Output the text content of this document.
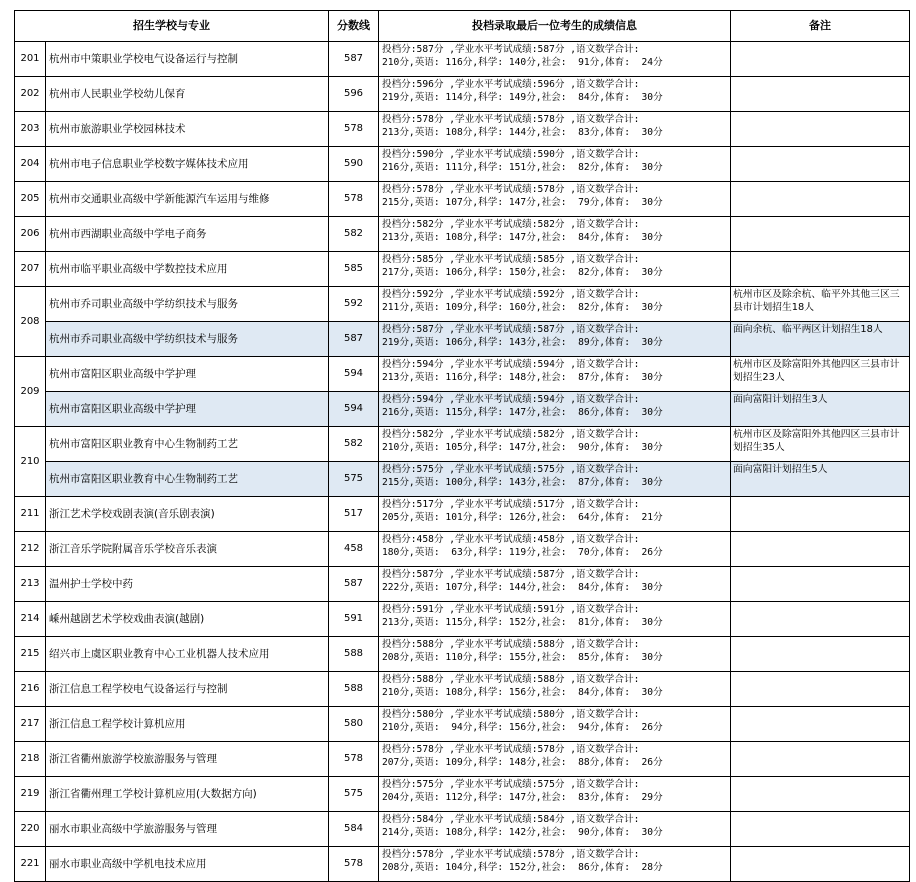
招生学校与专业		分数线	投档录取最后一位考生的成绩信息	备注
201	杭州市中策职业学校电气设备运行与控制	587	投档分:587分 ,学业水平考试成绩:587分 ,语文数学合计:
210分,英语: 116分,科学: 140分,社会:  91分,体育:  24分	

202	杭州市人民职业学校幼儿保育	596	投档分:596分 ,学业水平考试成绩:596分 ,语文数学合计:
219分,英语: 114分,科学: 149分,社会:  84分,体育:  30分	

203	杭州市旅游职业学校园林技术	578	投档分:578分 ,学业水平考试成绩:578分 ,语文数学合计:
213分,英语: 108分,科学: 144分,社会:  83分,体育:  30分	

204	杭州市电子信息职业学校数字媒体技术应用	590	投档分:590分 ,学业水平考试成绩:590分 ,语文数学合计:
216分,英语: 111分,科学: 151分,社会:  82分,体育:  30分	

205	杭州市交通职业高级中学新能源汽车运用与维修	578	投档分:578分 ,学业水平考试成绩:578分 ,语文数学合计:
215分,英语: 107分,科学: 147分,社会:  79分,体育:  30分	

206	杭州市西湖职业高级中学电子商务	582	投档分:582分 ,学业水平考试成绩:582分 ,语文数学合计:
213分,英语: 108分,科学: 147分,社会:  84分,体育:  30分	

207	杭州市临平职业高级中学数控技术应用	585	投档分:585分 ,学业水平考试成绩:585分 ,语文数学合计:
217分,英语: 106分,科学: 150分,社会:  82分,体育:  30分	

208	杭州市乔司职业高级中学纺织技术与服务	592	投档分:592分 ,学业水平考试成绩:592分 ,语文数学合计:
211分,英语: 109分,科学: 160分,社会:  82分,体育:  30分	杭州市区及除余杭、临平外其他三区三县市计划招生18人
	杭州市乔司职业高级中学纺织技术与服务	587	投档分:587分 ,学业水平考试成绩:587分 ,语文数学合计:
219分,英语: 106分,科学: 143分,社会:  89分,体育:  30分	面向余杭、临平两区计划招生18人
209	杭州市富阳区职业高级中学护理	594	投档分:594分 ,学业水平考试成绩:594分 ,语文数学合计:
213分,英语: 116分,科学: 148分,社会:  87分,体育:  30分	杭州市区及除富阳外其他四区三县市计划招生23人
	杭州市富阳区职业高级中学护理	594	投档分:594分 ,学业水平考试成绩:594分 ,语文数学合计:
216分,英语: 115分,科学: 147分,社会:  86分,体育:  30分	面向富阳计划招生3人
210	杭州市富阳区职业教育中心生物制药工艺	582	投档分:582分 ,学业水平考试成绩:582分 ,语文数学合计:
210分,英语: 105分,科学: 147分,社会:  90分,体育:  30分	杭州市区及除富阳外其他四区三县市计划招生35人
	杭州市富阳区职业教育中心生物制药工艺	575	投档分:575分 ,学业水平考试成绩:575分 ,语文数学合计:
215分,英语: 100分,科学: 143分,社会:  87分,体育:  30分	面向富阳计划招生5人
211	浙江艺术学校戏剧表演(音乐剧表演)	517	投档分:517分 ,学业水平考试成绩:517分 ,语文数学合计:
205分,英语: 101分,科学: 126分,社会:  64分,体育:  21分	

212	浙江音乐学院附属音乐学校音乐表演	458	投档分:458分 ,学业水平考试成绩:458分 ,语文数学合计:
180分,英语:  63分,科学: 119分,社会:  70分,体育:  26分	

213	温州护士学校中药	587	投档分:587分 ,学业水平考试成绩:587分 ,语文数学合计:
222分,英语: 107分,科学: 144分,社会:  84分,体育:  30分	

214	嵊州越剧艺术学校戏曲表演(越剧)	591	投档分:591分 ,学业水平考试成绩:591分 ,语文数学合计:
213分,英语: 115分,科学: 152分,社会:  81分,体育:  30分	

215	绍兴市上虞区职业教育中心工业机器人技术应用	588	投档分:588分 ,学业水平考试成绩:588分 ,语文数学合计:
208分,英语: 110分,科学: 155分,社会:  85分,体育:  30分	

216	浙江信息工程学校电气设备运行与控制	588	投档分:588分 ,学业水平考试成绩:588分 ,语文数学合计:
210分,英语: 108分,科学: 156分,社会:  84分,体育:  30分	

217	浙江信息工程学校计算机应用	580	投档分:580分 ,学业水平考试成绩:580分 ,语文数学合计:
210分,英语:  94分,科学: 156分,社会:  94分,体育:  26分	

218	浙江省衢州旅游学校旅游服务与管理	578	投档分:578分 ,学业水平考试成绩:578分 ,语文数学合计:
207分,英语: 109分,科学: 148分,社会:  88分,体育:  26分	

219	浙江省衢州理工学校计算机应用(大数据方向)	575	投档分:575分 ,学业水平考试成绩:575分 ,语文数学合计:
204分,英语: 112分,科学: 147分,社会:  83分,体育:  29分	

220	丽水市职业高级中学旅游服务与管理	584	投档分:584分 ,学业水平考试成绩:584分 ,语文数学合计:
214分,英语: 108分,科学: 142分,社会:  90分,体育:  30分	

221	丽水市职业高级中学机电技术应用	578	投档分:578分 ,学业水平考试成绩:578分 ,语文数学合计:
208分,英语: 104分,科学: 152分,社会:  86分,体育:  28分	
